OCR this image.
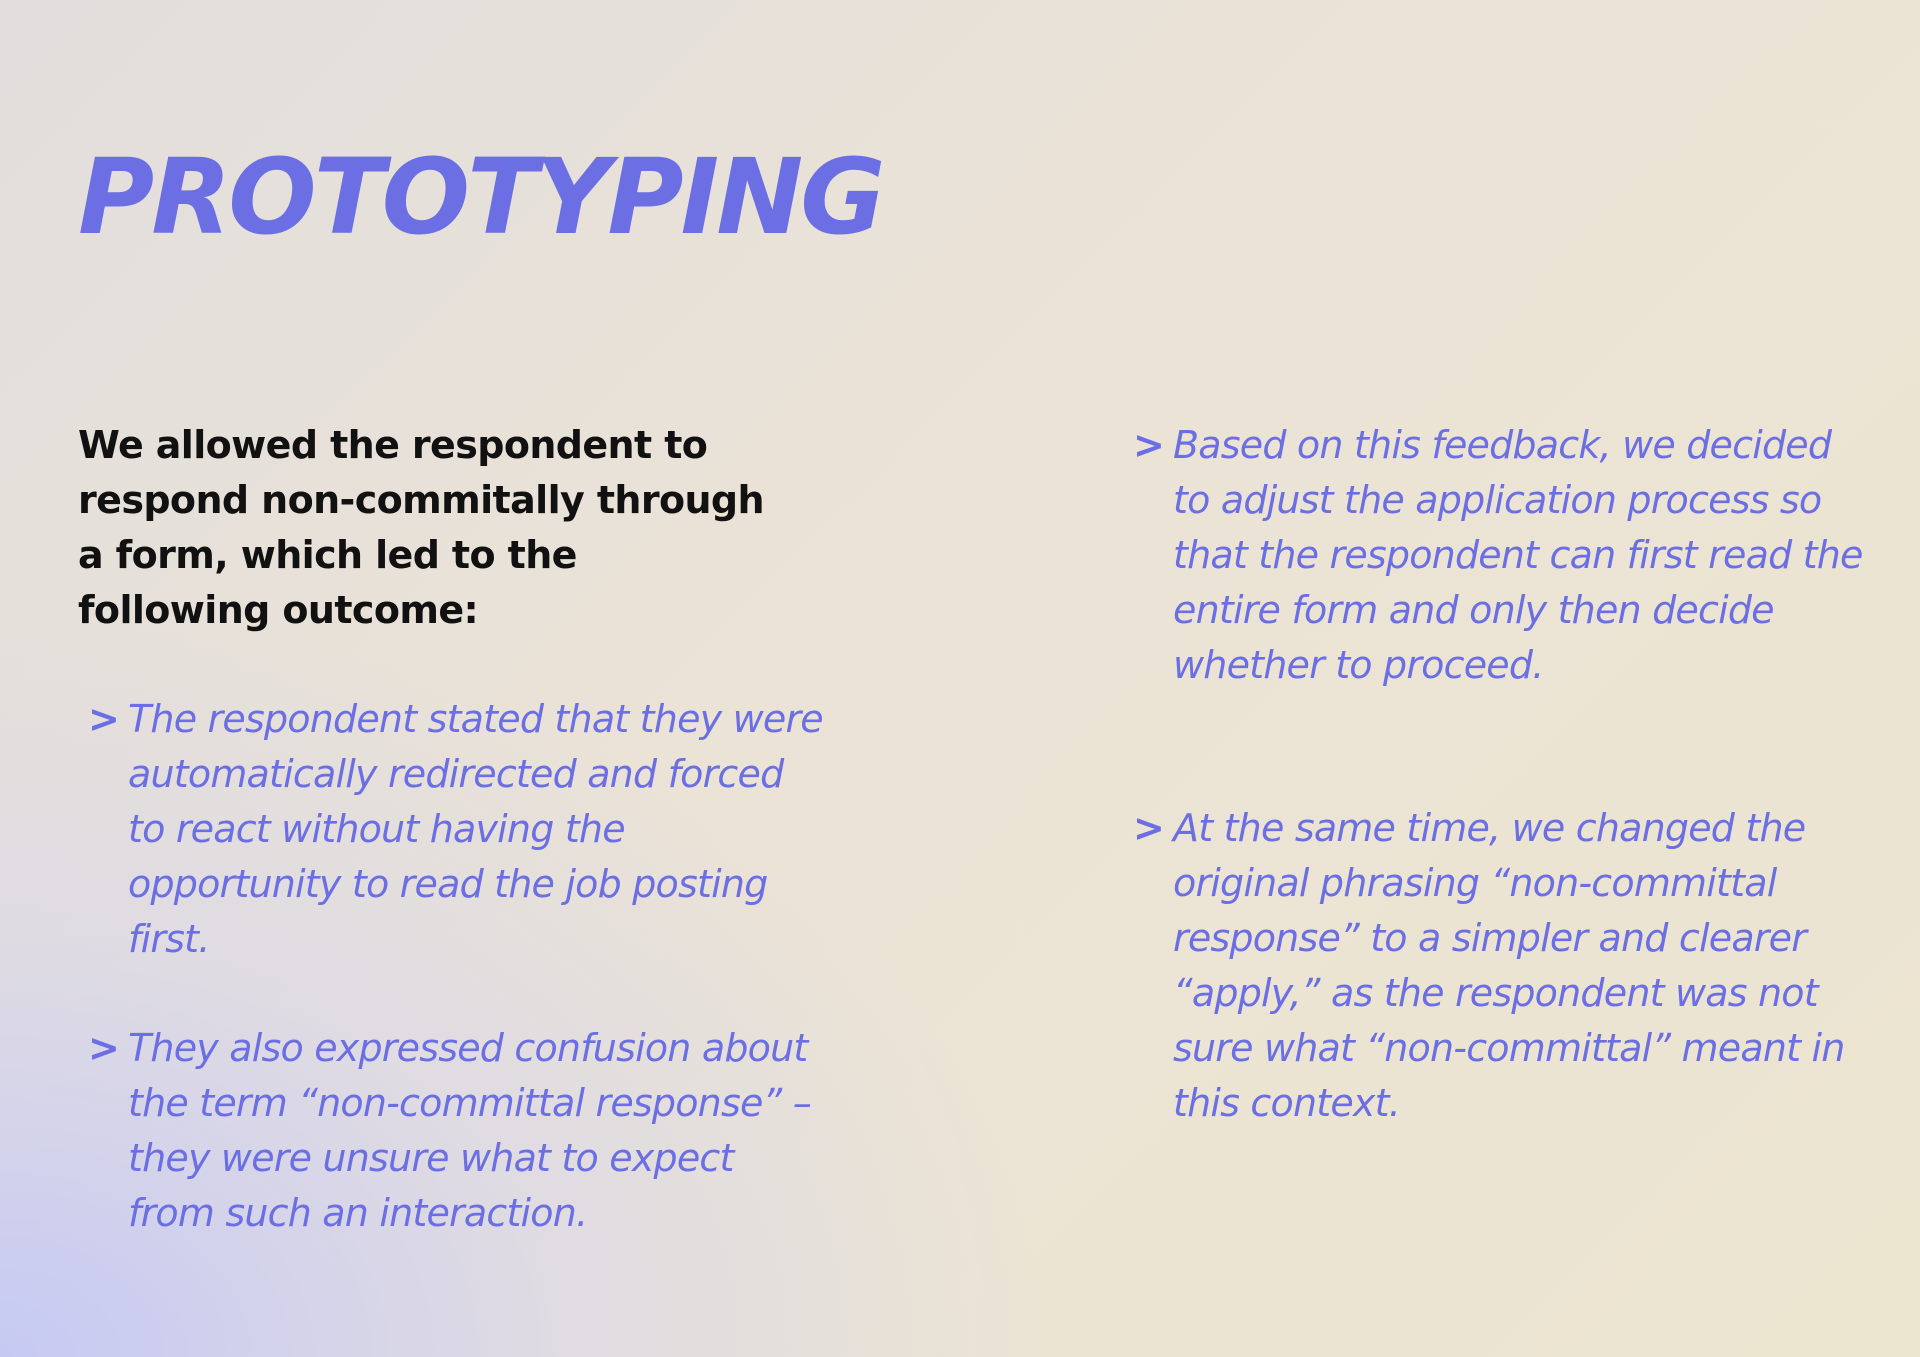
PROTOTYPING

We allowed the respondent to respond non-commitally through a form, which led to the following outcome:

> The respondent stated that they were automatically redirected and forced to react without having the opportunity to read the job posting first.
> They also expressed confusion about the term “non-committal response” – they were unsure what to expect from such an interaction.
> Based on this feedback, we decided to adjust the application process so that the respondent can first read the entire form and only then decide whether to proceed.
> At the same time, we changed the original phrasing “non-committal response” to a simpler and clearer “apply,” as the respondent was not sure what “non-committal” meant in this context.
